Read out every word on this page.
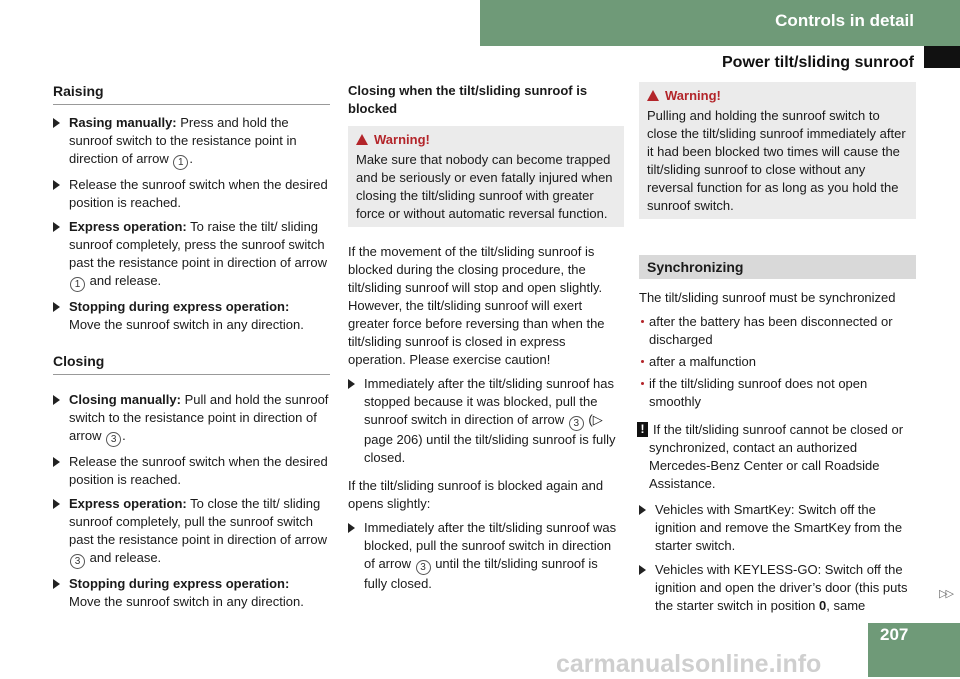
Controls in detail
Power tilt/sliding sunroof
Raising
Rasing manually: Press and hold the sunroof switch to the resistance point in direction of arrow 1 .
Release the sunroof switch when the desired position is reached.
Express operation: To raise the tilt/ sliding sunroof completely, press the sunroof switch past the resistance point in direction of arrow 1 and release.
Stopping during express operation:
Move the sunroof switch in any direction.
Closing
Closing manually: Pull and hold the sunroof switch to the resistance point in direction of arrow 3 .
Release the sunroof switch when the desired position is reached.
Express operation: To close the tilt/ sliding sunroof completely, pull the sunroof switch past the resistance point in direction of arrow 3 and release.
Stopping during express operation:
Move the sunroof switch in any direction.
Closing when the tilt/sliding sunroof is blocked
Warning!
Make sure that nobody can become trapped and be seriously or even fatally injured when closing the tilt/sliding sunroof with greater force or without automatic reversal function.

If the movement of the tilt/sliding sunroof is blocked during the closing procedure, the tilt/sliding sunroof will stop and open slightly. However, the tilt/sliding sunroof will exert greater force before reversing than when the tilt/sliding sunroof is closed in express operation. Please exercise caution!

Immediately after the tilt/sliding sunroof has stopped because it was blocked, pull the sunroof switch in direction of arrow 3 (▷ page 206) until the tilt/sliding sunroof is fully closed.

If the tilt/sliding sunroof is blocked again and opens slightly:

Immediately after the tilt/sliding sunroof was blocked, pull the sunroof switch in direction of arrow 3 until the tilt/sliding sunroof is fully closed.
Warning!
Pulling and holding the sunroof switch to close the tilt/sliding sunroof immediately after it had been blocked two times will cause the tilt/sliding sunroof to close without any reversal function for as long as you hold the sunroof switch.
Synchronizing

The tilt/sliding sunroof must be synchronized

after the battery has been disconnected or discharged
after a malfunction
if the tilt/sliding sunroof does not open smoothly
! If the tilt/sliding sunroof cannot be closed or synchronized, contact an authorized Mercedes-Benz Center or call Roadside Assistance.
Vehicles with SmartKey: Switch off the ignition and remove the SmartKey from the starter switch.
Vehicles with KEYLESS-GO: Switch off the ignition and open the driver’s door (this puts the starter switch in position 0, same
▷▷
carmanualsonline.info
207
